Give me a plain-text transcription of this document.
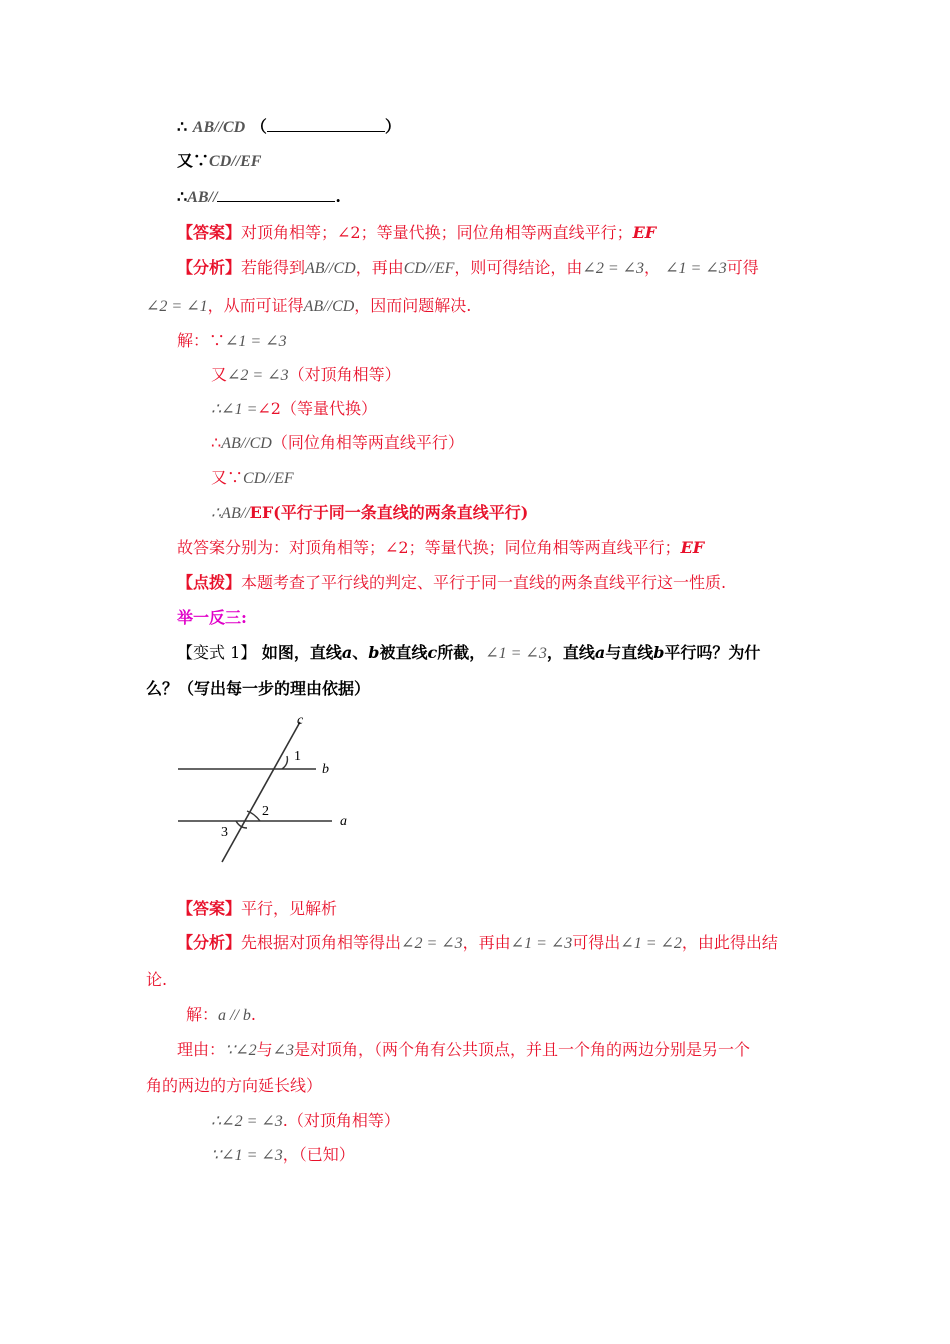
∴ AB//CD （	）
又∵CD//EF
∴AB//	.
【答案】对顶角相等；∠2；等量代换；同位角相等两直线平行；EF
【分析】若能得到AB//CD，再由CD//EF，则可得结论，由∠2 = ∠3， ∠1 = ∠3可得
∠2 = ∠1，从而可证得AB//CD，因而问题解决.
解：∵∠1 = ∠3
又∠2 = ∠3（对顶角相等）
∴∠1 =∠2（等量代换）
∴AB//CD（同位角相等两直线平行）
又∵CD//EF
∴AB//EF(平行于同一条直线的两条直线平行)
故答案分别为：对顶角相等；∠2；等量代换；同位角相等两直线平行；EF
【点拨】本题考查了平行线的判定、平行于同一直线的两条直线平行这一性质.
举一反三:
【变式 1】 如图，直线a、b被直线c所截，∠1 = ∠3，直线a与直线b平行吗？为什
么？（写出每一步的理由依据）
c
b
a
1
2
3
【答案】平行，见解析
【分析】先根据对顶角相等得出∠2 = ∠3，再由∠1 = ∠3可得出∠1 = ∠2，由此得出结
论.
解：a // b.
理由：∵∠2与∠3是对顶角，（两个角有公共顶点，并且一个角的两边分别是另一个
角的两边的方向延长线）
∴∠2 = ∠3.（对顶角相等）
∵∠1 = ∠3，（已知）
